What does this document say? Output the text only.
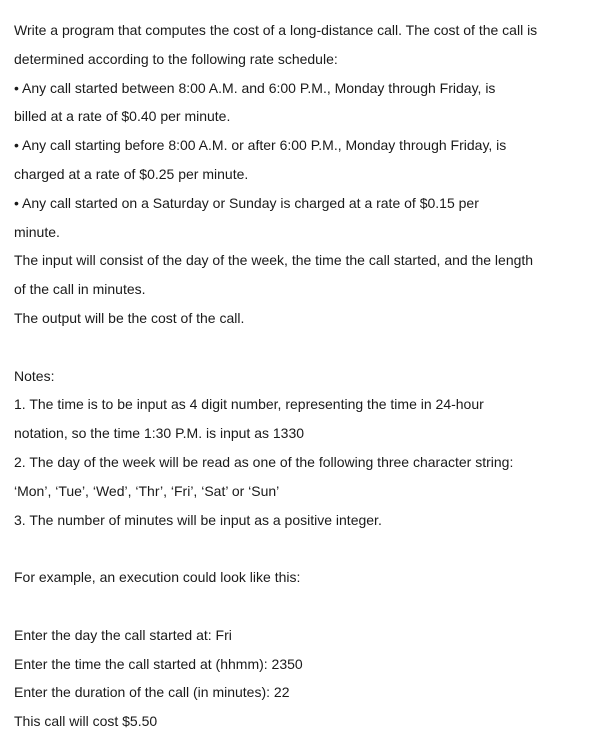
Write a program that computes the cost of a long-distance call. The cost of the call is
determined according to the following rate schedule:
• Any call started between 8:00 A.M. and 6:00 P.M., Monday through Friday, is
billed at a rate of $0.40 per minute.
• Any call starting before 8:00 A.M. or after 6:00 P.M., Monday through Friday, is
charged at a rate of $0.25 per minute.
• Any call started on a Saturday or Sunday is charged at a rate of $0.15 per
minute.
The input will consist of the day of the week, the time the call started, and the length
of the call in minutes.
The output will be the cost of the call.
Notes:
1. The time is to be input as 4 digit number, representing the time in 24-hour
notation, so the time 1:30 P.M. is input as 1330
2. The day of the week will be read as one of the following three character string:
‘Mon’, ‘Tue’, ‘Wed’, ‘Thr’, ‘Fri’, ‘Sat’ or ‘Sun’
3. The number of minutes will be input as a positive integer.
For example, an execution could look like this:
Enter the day the call started at: Fri
Enter the time the call started at (hhmm): 2350
Enter the duration of the call (in minutes): 22
This call will cost $5.50
